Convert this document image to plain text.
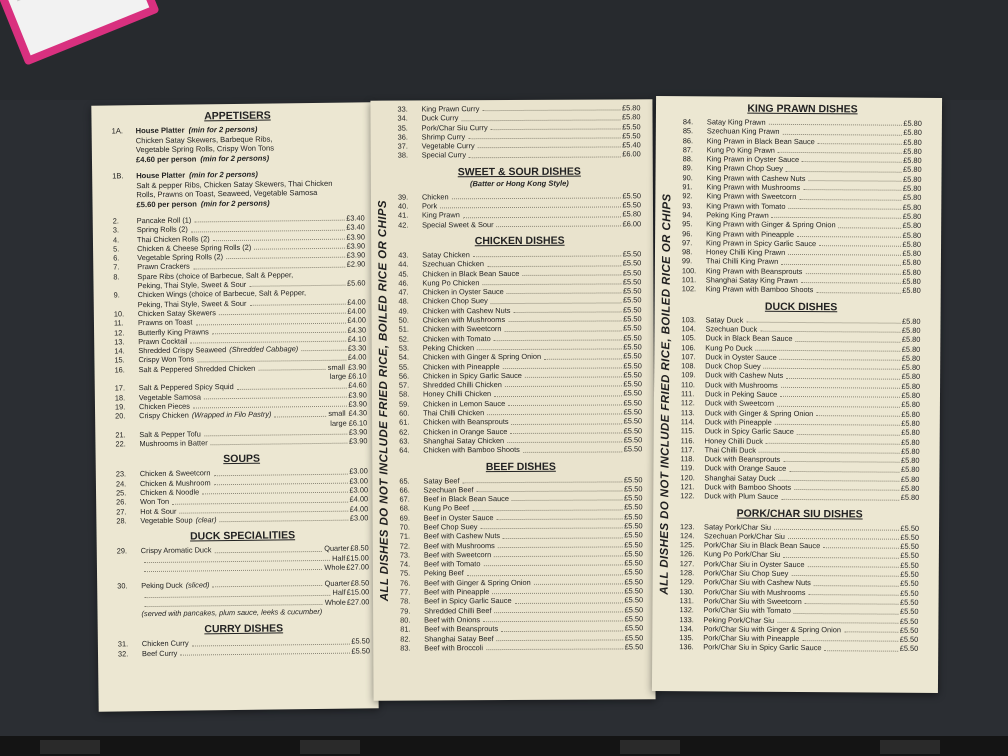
APPETISERS
1A. House Platter (min for 2 persons)
Chicken Satay Skewers, Barbeque Ribs,
Vegetable Spring Rolls, Crispy Won Tons
£4.60 per person (min for 2 persons)
1B. House Platter (min for 2 persons)
Salt & pepper Ribs, Chicken Satay Skewers, Thai Chicken
Rolls, Prawns on Toast, Seaweed, Vegetable Samosa
£5.60 per person (min for 2 persons)
2.	Pancake Roll (1)	£3.40
3.	Spring Rolls (2)	£3.40
4.	Thai Chicken Rolls (2)	£3.90
5.	Chicken & Cheese Spring Rolls (2)	£3.90
6.	Vegetable Spring Rolls (2)	£3.90
7.	Prawn Crackers	£2.90
8.	Spare Ribs (choice of Barbecue, Salt & Pepper,
Peking, Thai Style, Sweet & Sour	£5.60
9.	Chicken Wings (choice of Barbecue, Salt & Pepper,
Peking, Thai Style, Sweet & Sour	£4.00
10.	Chicken Satay Skewers	£4.00
11.	Prawns on Toast	£4.00
12.	Butterfly King Prawns	£4.30
13.	Prawn Cocktail	£4.10
14.	Shredded Crispy Seaweed (Shredded Cabbage)	£3.30
15.	Crispy Won Tons	£4.00
16.	Salt & Peppered Shredded Chicken	small £3.90
large £6.10
17.	Salt & Peppered Spicy Squid	£4.60
18.	Vegetable Samosa	£3.90
19.	Chicken Pieces	£3.90
20.	Crispy Chicken (Wrapped in Filo Pastry)	small £4.30
large £6.10
21.	Salt & Pepper Tofu	£3.90
22.	Mushrooms in Batter	£3.90
SOUPS
23.	Chicken & Sweetcorn	£3.00
24.	Chicken & Mushroom	£3.00
25.	Chicken & Noodle	£3.00
26.	Won Ton	£4.00
27.	Hot & Sour	£4.00
28.	Vegetable Soup (clear)	£3.00
DUCK SPECIALITIES
29.	Crispy Aromatic Duck	Quarter £8.50
Half £15.00
Whole £27.00
30.	Peking Duck (sliced)	Quarter £8.50
Half £15.00
Whole £27.00
(served with pancakes, plum sauce, leeks & cucumber)
CURRY DISHES
31.	Chicken Curry	£5.50
32.	Beef Curry	£5.50
ALL DISHES DO NOT INCLUDE FRIED RICE, BOILED RICE OR CHIPS
33.	King Prawn Curry	£5.80
34.	Duck Curry	£5.80
35.	Pork/Char Siu Curry	£5.50
36.	Shrimp Curry	£5.50
37.	Vegetable Curry	£5.40
38.	Special Curry	£6.00
SWEET & SOUR DISHES
(Batter or Hong Kong Style)
39.	Chicken	£5.50
40.	Pork	£5.50
41.	King Prawn	£5.80
42.	Special Sweet & Sour	£6.00
CHICKEN DISHES
43.	Satay Chicken	£5.50
44.	Szechuan Chicken	£5.50
45.	Chicken in Black Bean Sauce	£5.50
46.	Kung Po Chicken	£5.50
47.	Chicken in Oyster Sauce	£5.50
48.	Chicken Chop Suey	£5.50
49.	Chicken with Cashew Nuts	£5.50
50.	Chicken with Mushrooms	£5.50
51.	Chicken with Sweetcorn	£5.50
52.	Chicken with Tomato	£5.50
53.	Peking Chicken	£5.50
54.	Chicken with Ginger & Spring Onion	£5.50
55.	Chicken with Pineapple	£5.50
56.	Chicken in Spicy Garlic Sauce	£5.50
57.	Shredded Chilli Chicken	£5.50
58.	Honey Chilli Chicken	£5.50
59.	Chicken in Lemon Sauce	£5.50
60.	Thai Chilli Chicken	£5.50
61.	Chicken with Beansprouts	£5.50
62.	Chicken in Orange Sauce	£5.50
63.	Shanghai Satay Chicken	£5.50
64.	Chicken with Bamboo Shoots	£5.50
BEEF DISHES
65.	Satay Beef	£5.50
66.	Szechuan Beef	£5.50
67.	Beef in Black Bean Sauce	£5.50
68.	Kung Po Beef	£5.50
69.	Beef in Oyster Sauce	£5.50
70.	Beef Chop Suey	£5.50
71.	Beef with Cashew Nuts	£5.50
72.	Beef with Mushrooms	£5.50
73.	Beef with Sweetcorn	£5.50
74.	Beef with Tomato	£5.50
75.	Peking Beef	£5.50
76.	Beef with Ginger & Spring Onion	£5.50
77.	Beef with Pineapple	£5.50
78.	Beef in Spicy Garlic Sauce	£5.50
79.	Shredded Chilli Beef	£5.50
80.	Beef with Onions	£5.50
81.	Beef with Beansprouts	£5.50
82.	Shanghai Satay Beef	£5.50
83.	Beef with Broccoli	£5.50
ALL DISHES DO NOT INCLUDE FRIED RICE, BOILED RICE OR CHIPS
KING PRAWN DISHES
84.	Satay King Prawn	£5.80
85.	Szechuan King Prawn	£5.80
86.	King Prawn in Black Bean Sauce	£5.80
87.	Kung Po King Prawn	£5.80
88.	King Prawn in Oyster Sauce	£5.80
89.	King Prawn Chop Suey	£5.80
90.	King Prawn with Cashew Nuts	£5.80
91.	King Prawn with Mushrooms	£5.80
92.	King Prawn with Sweetcorn	£5.80
93.	King Prawn with Tomato	£5.80
94.	Peking King Prawn	£5.80
95.	King Prawn with Ginger & Spring Onion	£5.80
96.	King Prawn with Pineapple	£5.80
97.	King Prawn in Spicy Garlic Sauce	£5.80
98.	Honey Chilli King Prawn	£5.80
99.	Thai Chilli King Prawn	£5.80
100.	King Prawn with Beansprouts	£5.80
101.	Shanghai Satay King Prawn	£5.80
102.	King Prawn with Bamboo Shoots	£5.80
DUCK DISHES
103.	Satay Duck	£5.80
104.	Szechuan Duck	£5.80
105.	Duck in Black Bean Sauce	£5.80
106.	Kung Po Duck	£5.80
107.	Duck in Oyster Sauce	£5.80
108.	Duck Chop Suey	£5.80
109.	Duck with Cashew Nuts	£5.80
110.	Duck with Mushrooms	£5.80
111.	Duck in Peking Sauce	£5.80
112.	Duck with Sweetcorn	£5.80
113.	Duck with Ginger & Spring Onion	£5.80
114.	Duck with Pineapple	£5.80
115.	Duck in Spicy Garlic Sauce	£5.80
116.	Honey Chilli Duck	£5.80
117.	Thai Chilli Duck	£5.80
118.	Duck with Beansprouts	£5.80
119.	Duck with Orange Sauce	£5.80
120.	Shanghai Satay Duck	£5.80
121.	Duck with Bamboo Shoots	£5.80
122.	Duck with Plum Sauce	£5.80
PORK/CHAR SIU DISHES
123.	Satay Pork/Char Siu	£5.50
124.	Szechuan Pork/Char Siu	£5.50
125.	Pork/Char Siu in Black Bean Sauce	£5.50
126.	Kung Po Pork/Char Siu	£5.50
127.	Pork/Char Siu in Oyster Sauce	£5.50
128.	Pork/Char Siu Chop Suey	£5.50
129.	Pork/Char Siu with Cashew Nuts	£5.50
130.	Pork/Char Siu with Mushrooms	£5.50
131.	Pork/Char Siu with Sweetcorn	£5.50
132.	Pork/Char Siu with Tomato	£5.50
133.	Peking Pork/Char Siu	£5.50
134.	Pork/Char Siu with Ginger & Spring Onion	£5.50
135.	Pork/Char Siu with Pineapple	£5.50
136.	Pork/Char Siu in Spicy Garlic Sauce	£5.50
